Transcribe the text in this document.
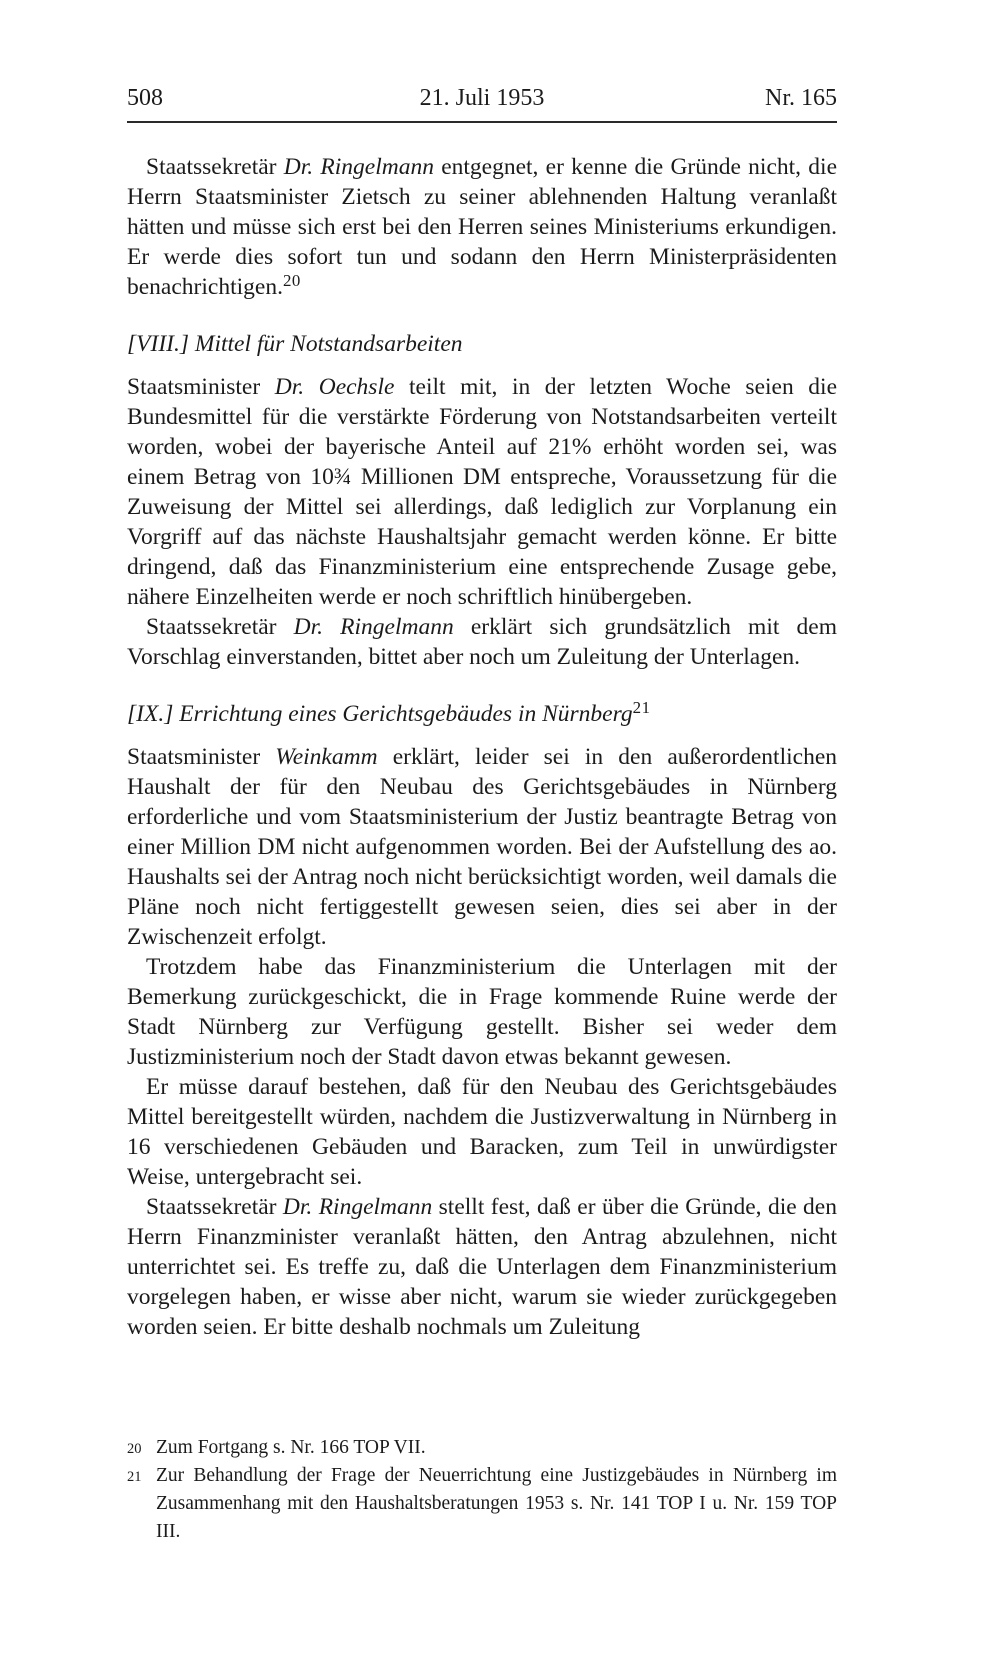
508	21. Juli 1953	Nr. 165

Staatssekretär Dr. Ringelmann entgegnet, er kenne die Gründe nicht, die Herrn Staatsminister Zietsch zu seiner ablehnenden Haltung veranlaßt hätten und müsse sich erst bei den Herren seines Ministeriums erkundigen. Er werde dies sofort tun und sodann den Herrn Ministerpräsidenten benachrichtigen.$^{20}$

[VIII.] Mittel für Notstandsarbeiten

Staatsminister Dr. Oechsle teilt mit, in der letzten Woche seien die Bundesmittel für die verstärkte Förderung von Notstandsarbeiten verteilt worden, wobei der bayerische Anteil auf 21% erhöht worden sei, was einem Betrag von 10¾ Millionen DM entspreche, Voraussetzung für die Zuweisung der Mittel sei allerdings, daß lediglich zur Vorplanung ein Vorgriff auf das nächste Haushaltsjahr gemacht werden könne. Er bitte dringend, daß das Finanzministerium eine entsprechende Zusage gebe, nähere Einzelheiten werde er noch schriftlich hinübergeben.

Staatssekretär Dr. Ringelmann erklärt sich grundsätzlich mit dem Vorschlag einverstanden, bittet aber noch um Zuleitung der Unterlagen.

[IX.] Errichtung eines Gerichtsgebäudes in Nürnberg$^{21}$

Staatsminister Weinkamm erklärt, leider sei in den außerordentlichen Haushalt der für den Neubau des Gerichtsgebäudes in Nürnberg erforderliche und vom Staatsministerium der Justiz beantragte Betrag von einer Million DM nicht aufgenommen worden. Bei der Aufstellung des ao. Haushalts sei der Antrag noch nicht berücksichtigt worden, weil damals die Pläne noch nicht fertiggestellt gewesen seien, dies sei aber in der Zwischenzeit erfolgt.

Trotzdem habe das Finanzministerium die Unterlagen mit der Bemerkung zurückgeschickt, die in Frage kommende Ruine werde der Stadt Nürnberg zur Verfügung gestellt. Bisher sei weder dem Justizministerium noch der Stadt davon etwas bekannt gewesen.

Er müsse darauf bestehen, daß für den Neubau des Gerichtsgebäudes Mittel bereitgestellt würden, nachdem die Justizverwaltung in Nürnberg in 16 verschiedenen Gebäuden und Baracken, zum Teil in unwürdigster Weise, untergebracht sei.

Staatssekretär Dr. Ringelmann stellt fest, daß er über die Gründe, die den Herrn Finanzminister veranlaßt hätten, den Antrag abzulehnen, nicht unterrichtet sei. Es treffe zu, daß die Unterlagen dem Finanzministerium vorgelegen haben, er wisse aber nicht, warum sie wieder zurückgegeben worden seien. Er bitte deshalb nochmals um Zuleitung

20 Zum Fortgang s. Nr. 166 TOP VII.
21 Zur Behandlung der Frage der Neuerrichtung eine Justizgebäudes in Nürnberg im Zusammenhang mit den Haushaltsberatungen 1953 s. Nr. 141 TOP I u. Nr. 159 TOP III.
